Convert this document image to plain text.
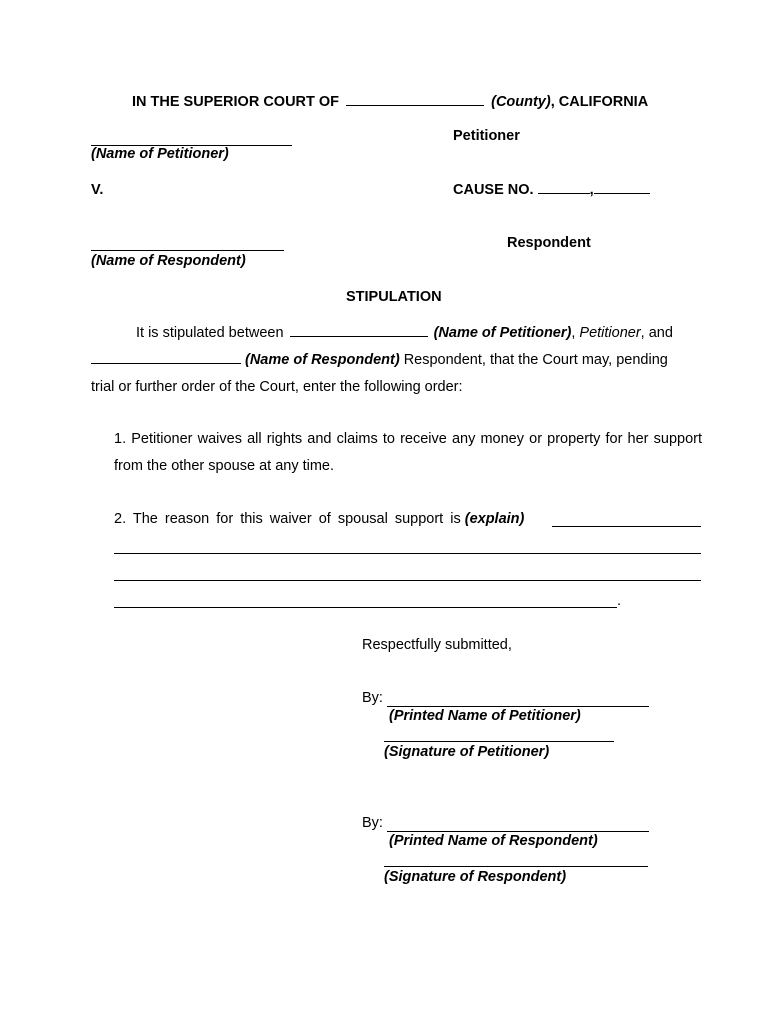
IN THE SUPERIOR COURT OF	(County), CALIFORNIA
(Name of Petitioner)
Petitioner
V.	CAUSE NO.	,
(Name of Respondent)
Respondent
STIPULATION
It is stipulated between	(Name of Petitioner), Petitioner, and
(Name of Respondent) Respondent, that the Court may, pending
trial or further order of the Court, enter the following order:
1. Petitioner waives all rights and claims to receive any money or property for her support from the other spouse at any time.
2. The reason for this waiver of spousal support is (explain)
.
Respectfully submitted,
By:
(Printed Name of Petitioner)
(Signature of Petitioner)
By:
(Printed Name of Respondent)
(Signature of Respondent)
